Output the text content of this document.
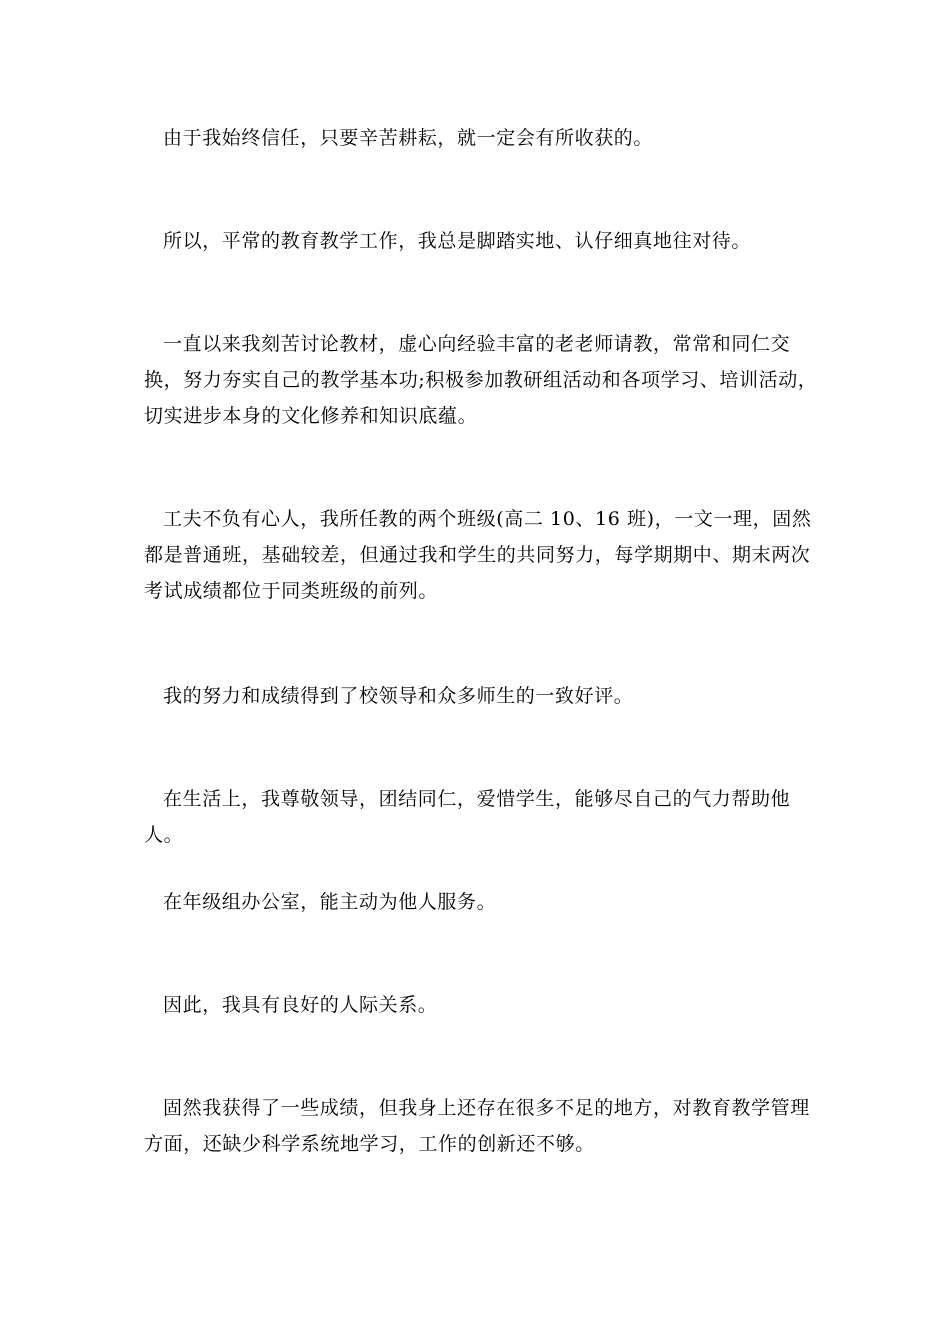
由于我始终信任，只要辛苦耕耘，就一定会有所收获的。

所以，平常的教育教学工作，我总是脚踏实地、认仔细真地往对待。

一直以来我刻苦讨论教材，虚心向经验丰富的老老师请教，常常和同仁交换，努力夯实自己的教学基本功;积极参加教研组活动和各项学习、培训活动，切实进步本身的文化修养和知识底蕴。

工夫不负有心人，我所任教的两个班级(高二 10、16 班)，一文一理，固然都是普通班，基础较差，但通过我和学生的共同努力，每学期期中、期末两次考试成绩都位于同类班级的前列。

我的努力和成绩得到了校领导和众多师生的一致好评。

在生活上，我尊敬领导，团结同仁，爱惜学生，能够尽自己的气力帮助他人。

在年级组办公室，能主动为他人服务。

因此，我具有良好的人际关系。

固然我获得了一些成绩，但我身上还存在很多不足的地方，对教育教学管理方面，还缺少科学系统地学习，工作的创新还不够。
